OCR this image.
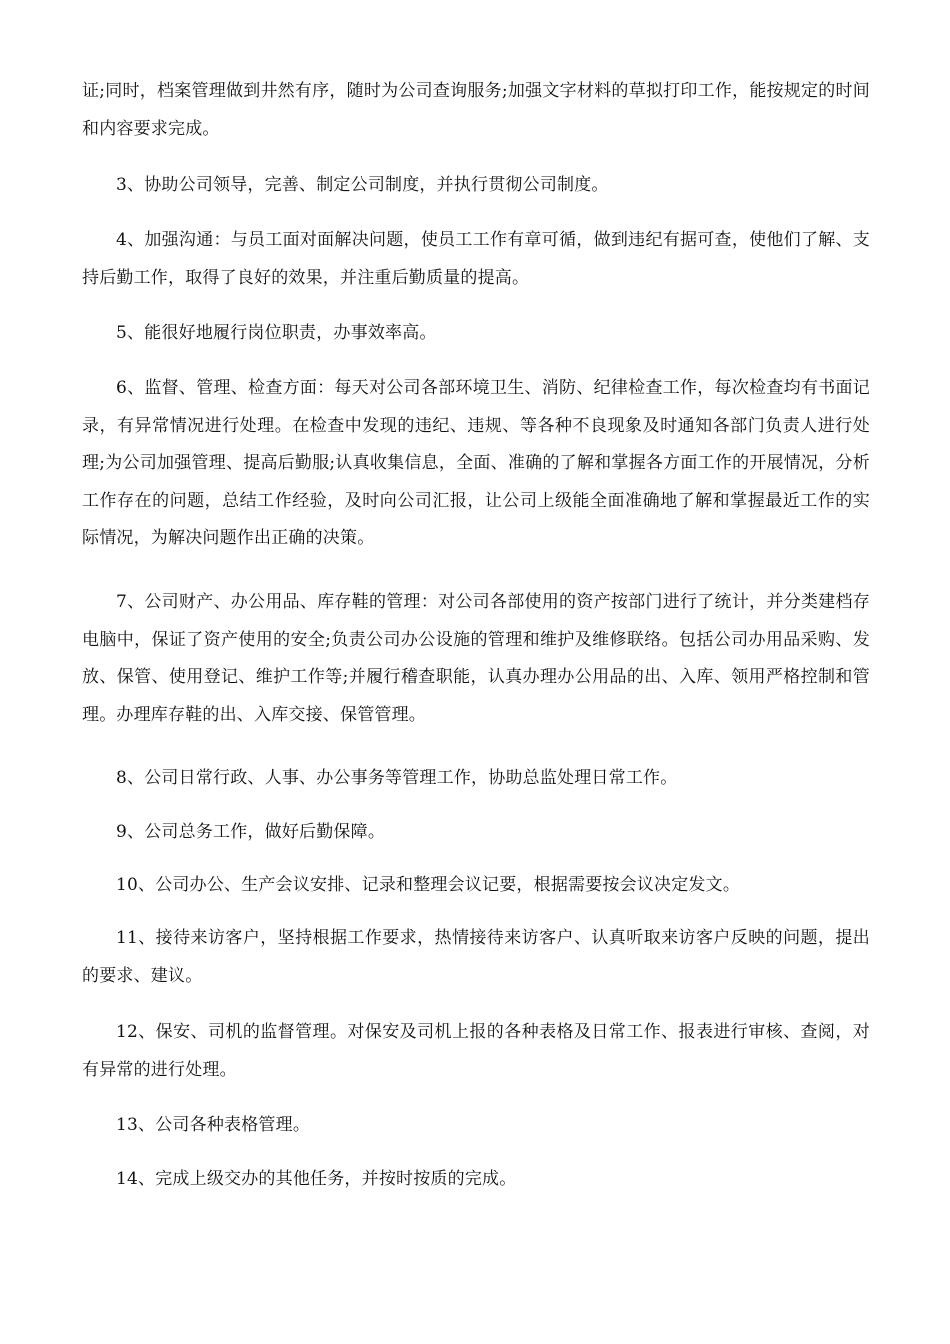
证;同时，档案管理做到井然有序，随时为公司查询服务;加强文字材料的草拟打印工作，能按规定的时间和内容要求完成。

3、协助公司领导，完善、制定公司制度，并执行贯彻公司制度。

4、加强沟通：与员工面对面解决问题，使员工工作有章可循，做到违纪有据可查，使他们了解、支持后勤工作，取得了良好的效果，并注重后勤质量的提高。

5、能很好地履行岗位职责，办事效率高。

6、监督、管理、检查方面：每天对公司各部环境卫生、消防、纪律检查工作，每次检查均有书面记录，有异常情况进行处理。在检查中发现的违纪、违规、等各种不良现象及时通知各部门负责人进行处理;为公司加强管理、提高后勤服;认真收集信息，全面、准确的了解和掌握各方面工作的开展情况，分析工作存在的问题，总结工作经验，及时向公司汇报，让公司上级能全面准确地了解和掌握最近工作的实际情况，为解决问题作出正确的决策。

7、公司财产、办公用品、库存鞋的管理：对公司各部使用的资产按部门进行了统计，并分类建档存电脑中，保证了资产使用的安全;负责公司办公设施的管理和维护及维修联络。包括公司办用品采购、发放、保管、使用登记、维护工作等;并履行稽查职能，认真办理办公用品的出、入库、领用严格控制和管理。办理库存鞋的出、入库交接、保管管理。

8、公司日常行政、人事、办公事务等管理工作，协助总监处理日常工作。

9、公司总务工作，做好后勤保障。

10、公司办公、生产会议安排、记录和整理会议记要，根据需要按会议决定发文。

11、接待来访客户，坚持根据工作要求，热情接待来访客户、认真听取来访客户反映的问题，提出的要求、建议。

12、保安、司机的监督管理。对保安及司机上报的各种表格及日常工作、报表进行审核、查阅，对有异常的进行处理。

13、公司各种表格管理。

14、完成上级交办的其他任务，并按时按质的完成。
